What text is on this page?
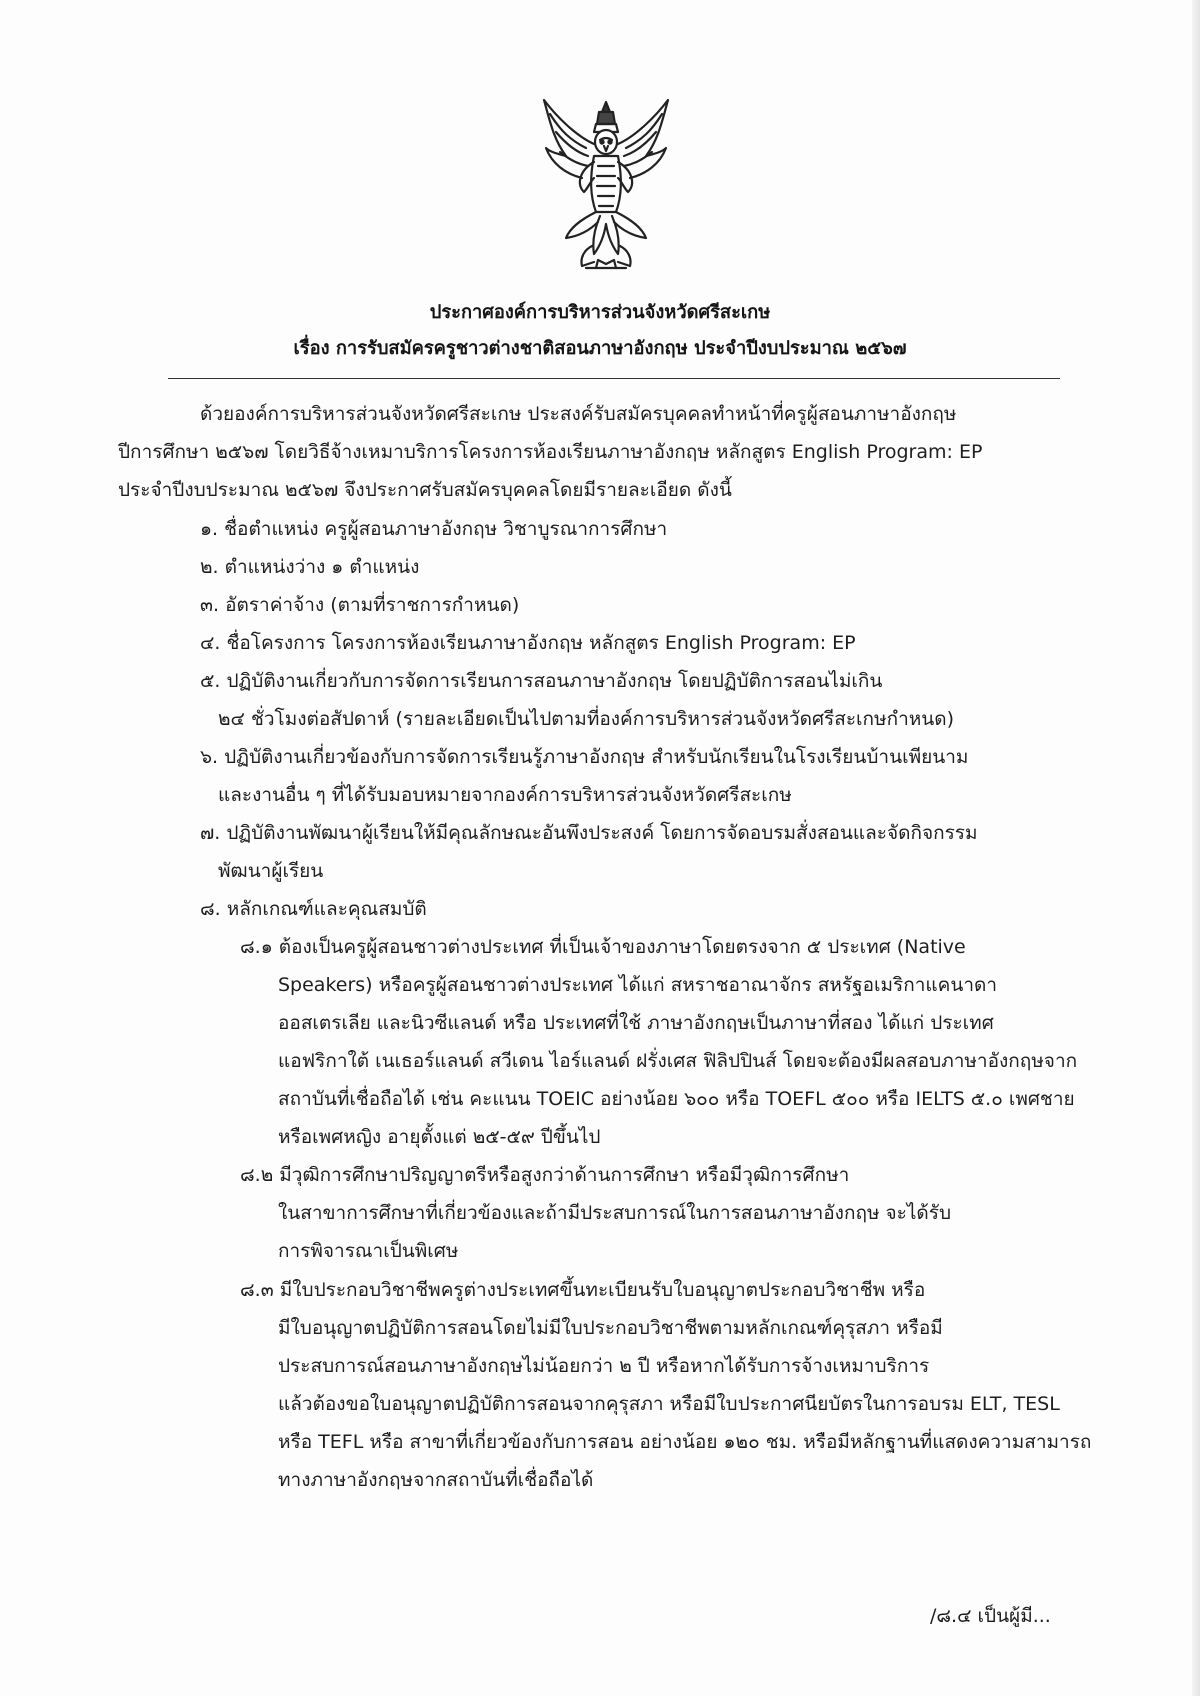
ประกาศองค์การบริหารส่วนจังหวัดศรีสะเกษ
เรื่อง การรับสมัครครูชาวต่างชาติสอนภาษาอังกฤษ ประจำปีงบประมาณ ๒๕๖๗
ด้วยองค์การบริหารส่วนจังหวัดศรีสะเกษ ประสงค์รับสมัครบุคคลทำหน้าที่ครูผู้สอนภาษาอังกฤษ
ปีการศึกษา ๒๕๖๗ โดยวิธีจ้างเหมาบริการโครงการห้องเรียนภาษาอังกฤษ หลักสูตร English Program: EP
ประจำปีงบประมาณ ๒๕๖๗ จึงประกาศรับสมัครบุคคลโดยมีรายละเอียด ดังนี้
๑. ชื่อตำแหน่ง ครูผู้สอนภาษาอังกฤษ วิชาบูรณาการศึกษา
๒. ตำแหน่งว่าง ๑ ตำแหน่ง
๓. อัตราค่าจ้าง (ตามที่ราชการกำหนด)
๔. ชื่อโครงการ โครงการห้องเรียนภาษาอังกฤษ หลักสูตร English Program: EP
๕. ปฏิบัติงานเกี่ยวกับการจัดการเรียนการสอนภาษาอังกฤษ โดยปฏิบัติการสอนไม่เกิน
๒๔ ชั่วโมงต่อสัปดาห์ (รายละเอียดเป็นไปตามที่องค์การบริหารส่วนจังหวัดศรีสะเกษกำหนด)
๖. ปฏิบัติงานเกี่ยวข้องกับการจัดการเรียนรู้ภาษาอังกฤษ สำหรับนักเรียนในโรงเรียนบ้านเพียนาม
และงานอื่น ๆ ที่ได้รับมอบหมายจากองค์การบริหารส่วนจังหวัดศรีสะเกษ
๗. ปฏิบัติงานพัฒนาผู้เรียนให้มีคุณลักษณะอันพึงประสงค์ โดยการจัดอบรมสั่งสอนและจัดกิจกรรม
พัฒนาผู้เรียน
๘. หลักเกณฑ์และคุณสมบัติ
๘.๑ ต้องเป็นครูผู้สอนชาวต่างประเทศ ที่เป็นเจ้าของภาษาโดยตรงจาก ๕ ประเทศ (Native
Speakers) หรือครูผู้สอนชาวต่างประเทศ ได้แก่ สหราชอาณาจักร สหรัฐอเมริกาแคนาดา
ออสเตรเลีย และนิวซีแลนด์ หรือ ประเทศที่ใช้ ภาษาอังกฤษเป็นภาษาที่สอง ได้แก่ ประเทศ
แอฟริกาใต้ เนเธอร์แลนด์ สวีเดน ไอร์แลนด์ ฝรั่งเศส ฟิลิปปินส์ โดยจะต้องมีผลสอบภาษาอังกฤษจาก
สถาบันที่เชื่อถือได้ เช่น คะแนน TOEIC อย่างน้อย ๖๐๐ หรือ TOEFL ๕๐๐ หรือ IELTS ๕.๐ เพศชาย
หรือเพศหญิง อายุตั้งแต่ ๒๕-๕๙ ปีขึ้นไป
๘.๒ มีวุฒิการศึกษาปริญญาตรีหรือสูงกว่าด้านการศึกษา หรือมีวุฒิการศึกษา
ในสาขาการศึกษาที่เกี่ยวข้องและถ้ามีประสบการณ์ในการสอนภาษาอังกฤษ จะได้รับ
การพิจารณาเป็นพิเศษ
๘.๓ มีใบประกอบวิชาชีพครูต่างประเทศขึ้นทะเบียนรับใบอนุญาตประกอบวิชาชีพ หรือ
มีใบอนุญาตปฏิบัติการสอนโดยไม่มีใบประกอบวิชาชีพตามหลักเกณฑ์คุรุสภา หรือมี
ประสบการณ์สอนภาษาอังกฤษไม่น้อยกว่า ๒ ปี หรือหากได้รับการจ้างเหมาบริการ
แล้วต้องขอใบอนุญาตปฏิบัติการสอนจากคุรุสภา หรือมีใบประกาศนียบัตรในการอบรม ELT, TESL
หรือ TEFL หรือ สาขาที่เกี่ยวข้องกับการสอน อย่างน้อย ๑๒๐ ชม. หรือมีหลักฐานที่แสดงความสามารถ
ทางภาษาอังกฤษจากสถาบันที่เชื่อถือได้
/๘.๔ เป็นผู้มี...
